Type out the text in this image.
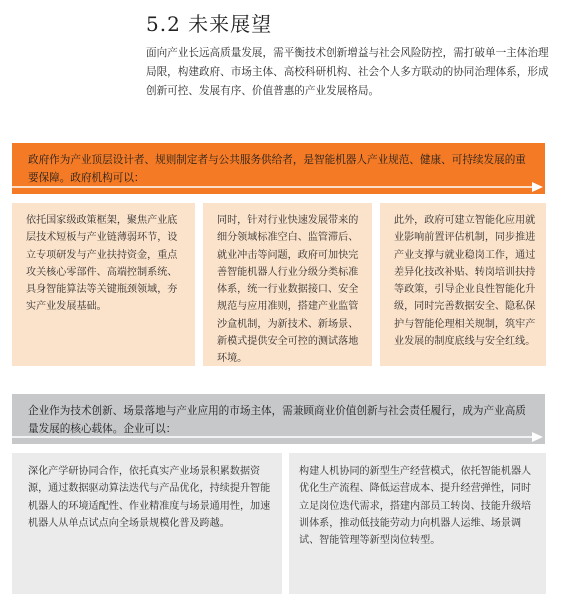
5.2 未来展望
面向产业长远高质量发展，需平衡技术创新增益与社会风险防控，需打破单一主体治理局限，构建政府、市场主体、高校科研机构、社会个人多方联动的协同治理体系，形成创新可控、发展有序、价值普惠的产业发展格局。
政府作为产业顶层设计者、规则制定者与公共服务供给者，是智能机器人产业规范、健康、可持续发展的重要保障。政府机构可以：
依托国家级政策框架，聚焦产业底层技术短板与产业链薄弱环节，设立专项研发与产业扶持资金，重点攻关核心零部件、高端控制系统、具身智能算法等关键瓶颈领域，夯实产业发展基础。
同时，针对行业快速发展带来的细分领域标准空白、监管滞后、就业冲击等问题，政府可加快完善智能机器人行业分级分类标准体系，统一行业数据接口、安全规范与应用准则，搭建产业监管沙盒机制，为新技术、新场景、新模式提供安全可控的测试落地环境。
此外，政府可建立智能化应用就业影响前置评估机制，同步推进产业支撑与就业稳岗工作，通过差异化技改补贴、转岗培训扶持等政策，引导企业良性智能化升级，同时完善数据安全、隐私保护与智能伦理相关规制，筑牢产业发展的制度底线与安全红线。
企业作为技术创新、场景落地与产业应用的市场主体，需兼顾商业价值创新与社会责任履行，成为产业高质量发展的核心载体。企业可以：
深化产学研协同合作，依托真实产业场景积累数据资源，通过数据驱动算法迭代与产品优化，持续提升智能机器人的环境适配性、作业精准度与场景通用性，加速机器人从单点试点向全场景规模化普及跨越。
构建人机协同的新型生产经营模式，依托智能机器人优化生产流程、降低运营成本、提升经营弹性，同时立足岗位迭代需求，搭建内部员工转岗、技能升级培训体系，推动低技能劳动力向机器人运维、场景调试、智能管理等新型岗位转型。
